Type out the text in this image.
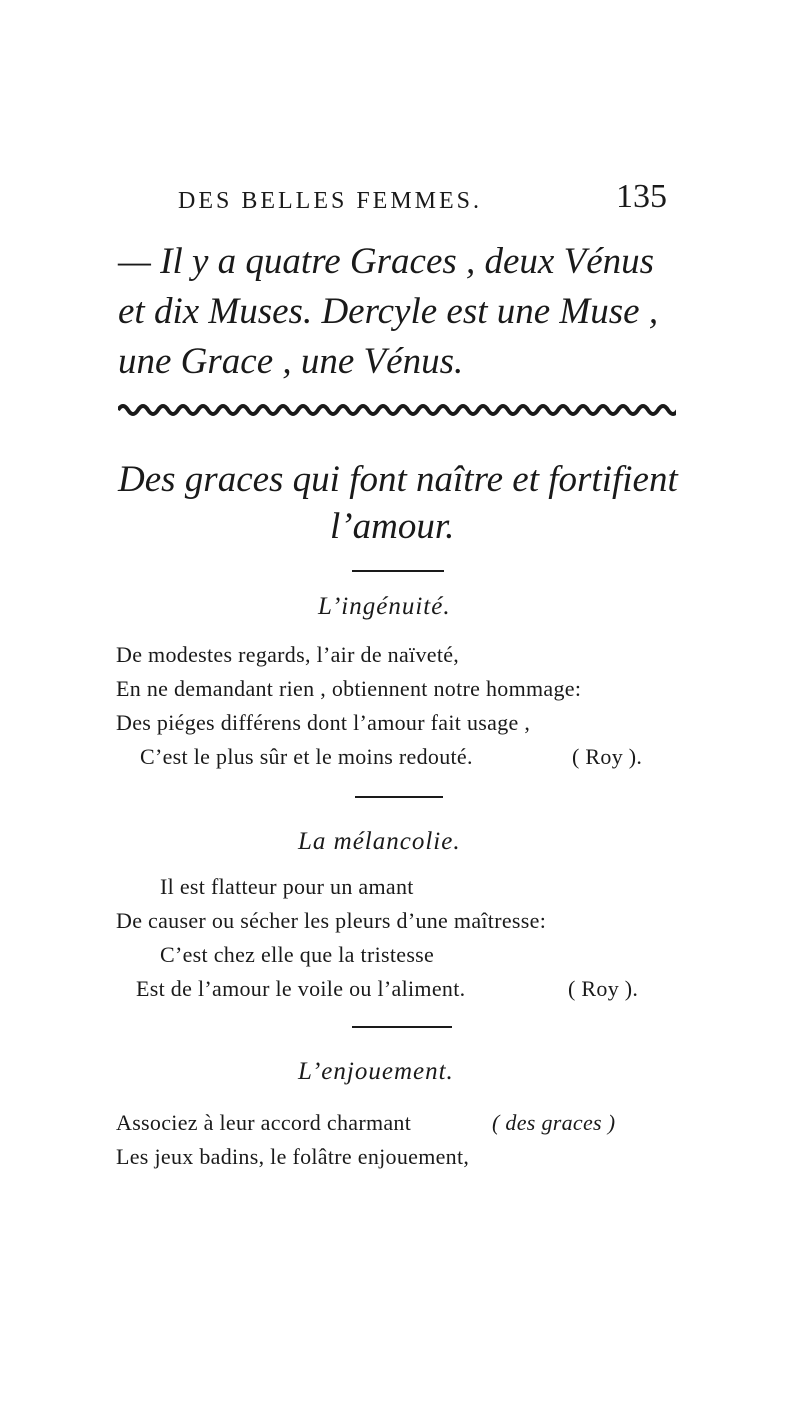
DES BELLES FEMMES.	135
— Il y a quatre Graces , deux Vénus
et dix Muses. Dercyle est une Muse ,
une Grace , une Vénus.
Des graces qui font naître et fortifient
l’amour.
L’ingénuité.
De modestes regards, l’air de naïveté,
En ne demandant rien , obtiennent notre hommage:
Des piéges différens dont l’amour fait usage ,
C’est le plus sûr et le moins redouté.	( Roy ).
La mélancolie.
Il est flatteur pour un amant
De causer ou sécher les pleurs d’une maîtresse:
C’est chez elle que la tristesse
Est de l’amour le voile ou l’aliment.	( Roy ).
L’enjouement.
Associez à leur accord charmant	( des graces )
Les jeux badins, le folâtre enjouement,
